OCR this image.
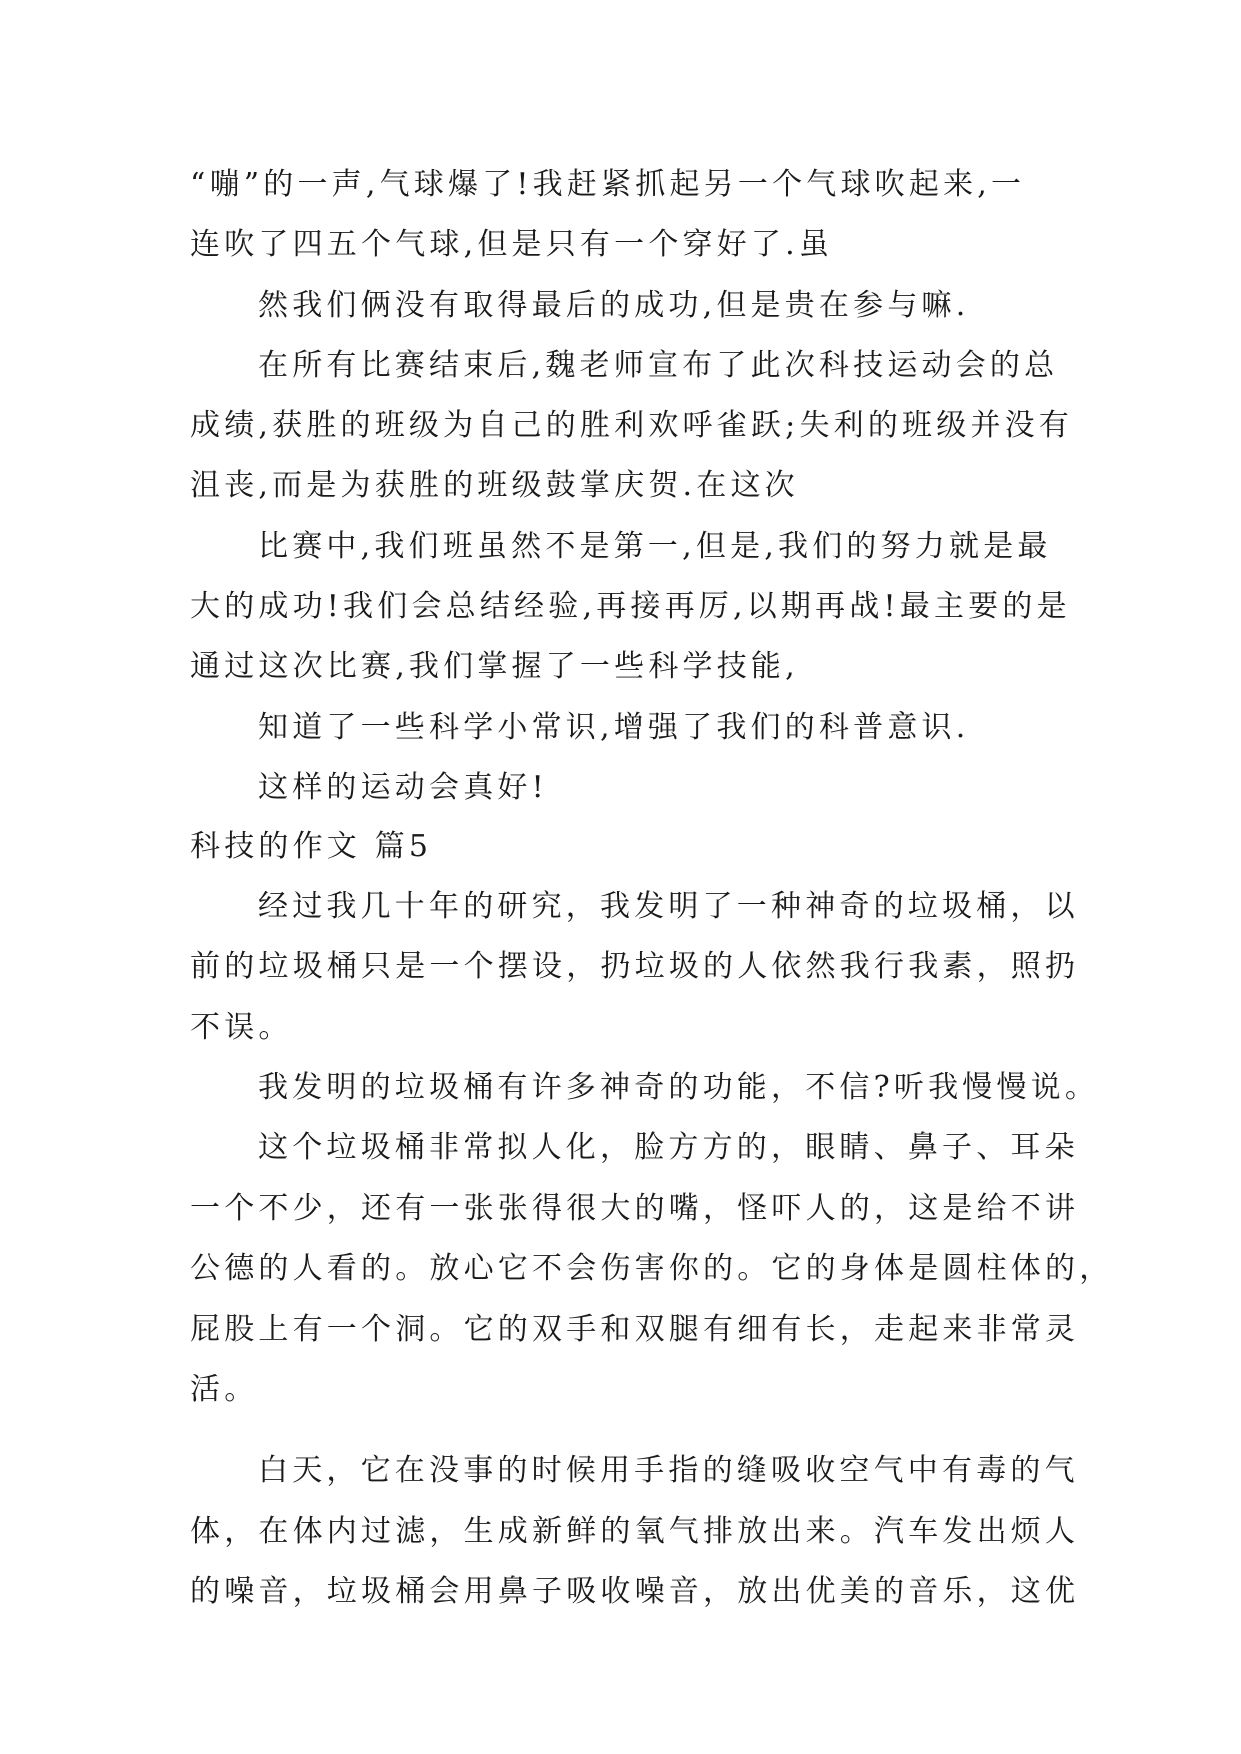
“嘣”的一声,气球爆了!我赶紧抓起另一个气球吹起来,一
连吹了四五个气球,但是只有一个穿好了.虽
然我们俩没有取得最后的成功,但是贵在参与嘛.
在所有比赛结束后,魏老师宣布了此次科技运动会的总
成绩,获胜的班级为自己的胜利欢呼雀跃;失利的班级并没有
沮丧,而是为获胜的班级鼓掌庆贺.在这次
比赛中,我们班虽然不是第一,但是,我们的努力就是最
大的成功!我们会总结经验,再接再厉,以期再战!最主要的是
通过这次比赛,我们掌握了一些科学技能,
知道了一些科学小常识,增强了我们的科普意识.
这样的运动会真好!
科技的作文 篇5
经过我几十年的研究，我发明了一种神奇的垃圾桶，以
前的垃圾桶只是一个摆设，扔垃圾的人依然我行我素，照扔
不误。
我发明的垃圾桶有许多神奇的功能，不信?听我慢慢说。
这个垃圾桶非常拟人化，脸方方的，眼睛、鼻子、耳朵
一个不少，还有一张张得很大的嘴，怪吓人的，这是给不讲
公德的人看的。放心它不会伤害你的。它的身体是圆柱体的，
屁股上有一个洞。它的双手和双腿有细有长，走起来非常灵
活。
白天，它在没事的时候用手指的缝吸收空气中有毒的气
体，在体内过滤，生成新鲜的氧气排放出来。汽车发出烦人
的噪音，垃圾桶会用鼻子吸收噪音，放出优美的音乐，这优
